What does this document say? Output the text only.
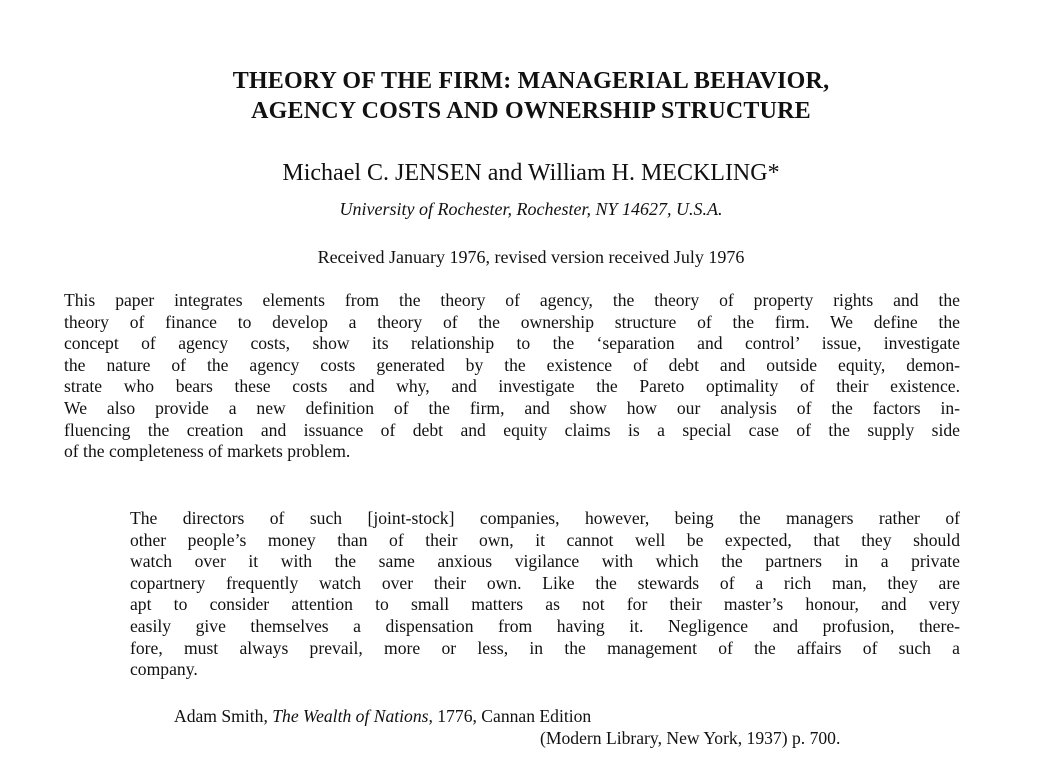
THEORY OF THE FIRM: MANAGERIAL BEHAVIOR,
AGENCY COSTS AND OWNERSHIP STRUCTURE
Michael C. JENSEN and William H. MECKLING*
University of Rochester, Rochester, NY 14627, U.S.A.
Received January 1976, revised version received July 1976
This paper integrates elements from the theory of agency, the theory of property rights and the
theory of finance to develop a theory of the ownership structure of the firm. We define the
concept of agency costs, show its relationship to the ‘separation and control’ issue, investigate
the nature of the agency costs generated by the existence of debt and outside equity, demon-
strate who bears these costs and why, and investigate the Pareto optimality of their existence.
We also provide a new definition of the firm, and show how our analysis of the factors in-
fluencing the creation and issuance of debt and equity claims is a special case of the supply side
of the completeness of markets problem.
The directors of such [joint-stock] companies, however, being the managers rather of
other people’s money than of their own, it cannot well be expected, that they should
watch over it with the same anxious vigilance with which the partners in a private
copartnery frequently watch over their own. Like the stewards of a rich man, they are
apt to consider attention to small matters as not for their master’s honour, and very
easily give themselves a dispensation from having it. Negligence and profusion, there-
fore, must always prevail, more or less, in the management of the affairs of such a
company.
Adam Smith, The Wealth of Nations, 1776, Cannan Edition
(Modern Library, New York, 1937) p. 700.
